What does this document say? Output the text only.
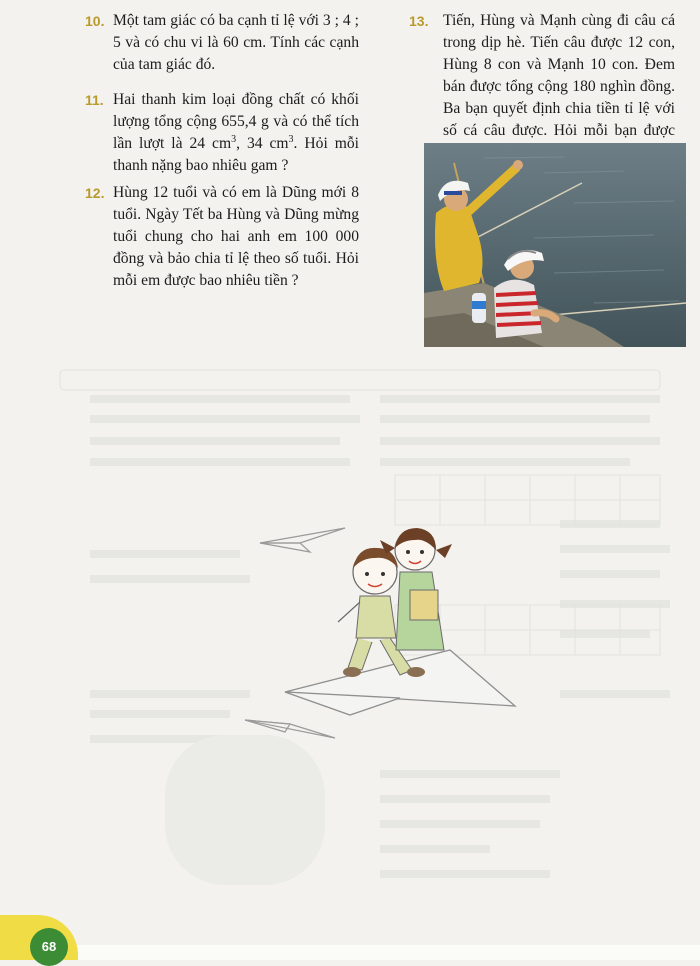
10. Một tam giác có ba cạnh tỉ lệ với 3 ; 4 ; 5 và có chu vi là 60 cm. Tính các cạnh của tam giác đó.
11. Hai thanh kim loại đồng chất có khối lượng tổng cộng 655,4 g và có thể tích lần lượt là 24 $cm^3$, 34 $cm^3$. Hỏi mỗi thanh nặng bao nhiêu gam ?
12. Hùng 12 tuổi và có em là Dũng mới 8 tuổi. Ngày Tết ba Hùng và Dũng mừng tuổi chung cho hai anh em 100 000 đồng và bảo chia tỉ lệ theo số tuổi. Hỏi mỗi em được bao nhiêu tiền ?
13. Tiến, Hùng và Mạnh cùng đi câu cá trong dịp hè. Tiến câu được 12 con, Hùng 8 con và Mạnh 10 con. Đem bán được tổng cộng 180 nghìn đồng. Ba bạn quyết định chia tiền tỉ lệ với số cá câu được. Hỏi mỗi bạn được
68
